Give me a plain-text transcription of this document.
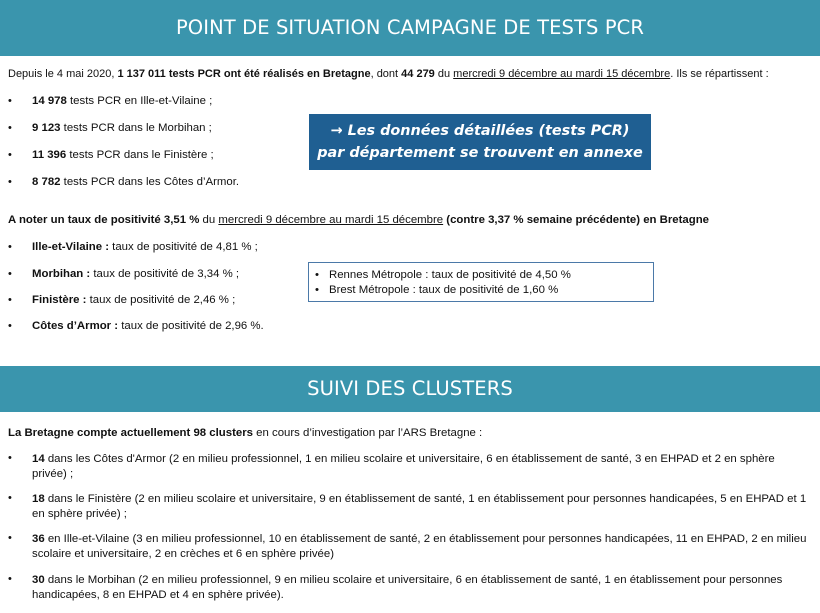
POINT DE SITUATION CAMPAGNE DE TESTS PCR
Depuis le 4 mai 2020, 1 137 011 tests PCR ont été réalisés en Bretagne, dont 44 279 du mercredi 9 décembre au mardi 15 décembre. Ils se répartissent :
• 14 978 tests PCR en Ille-et-Vilaine ;
• 9 123 tests PCR dans le Morbihan ;
• 11 396 tests PCR dans le Finistère ;
• 8 782 tests PCR dans les Côtes d’Armor.
→ Les données détaillées (tests PCR)
par département se trouvent en annexe
A noter un taux de positivité 3,51 % du mercredi 9 décembre au mardi 15 décembre (contre 3,37 % semaine précédente) en Bretagne
• Ille-et-Vilaine : taux de positivité de 4,81 % ;
• Morbihan : taux de positivité de 3,34 % ;
• Finistère : taux de positivité de 2,46 % ;
• Côtes d’Armor : taux de positivité de 2,96 %.
• Rennes Métropole : taux de positivité de 4,50 %
• Brest Métropole : taux de positivité de 1,60 %
SUIVI DES CLUSTERS
La Bretagne compte actuellement 98 clusters en cours d’investigation par l’ARS Bretagne :
• 14 dans les Côtes d'Armor (2 en milieu professionnel, 1 en milieu scolaire et universitaire, 6 en établissement de santé, 3 en EHPAD et 2 en sphère privée) ;
• 18 dans le Finistère (2 en milieu scolaire et universitaire, 9 en établissement de santé, 1 en établissement pour personnes handicapées, 5 en EHPAD et 1 en sphère privée) ;
• 36 en Ille-et-Vilaine (3 en milieu professionnel, 10 en établissement de santé, 2 en établissement pour personnes handicapées, 11 en EHPAD, 2 en milieu scolaire et universitaire, 2 en crèches et 6 en sphère privée)
• 30 dans le Morbihan (2 en milieu professionnel, 9 en milieu scolaire et universitaire, 6 en établissement de santé, 1 en établissement pour personnes handicapées, 8 en EHPAD et 4 en sphère privée).
